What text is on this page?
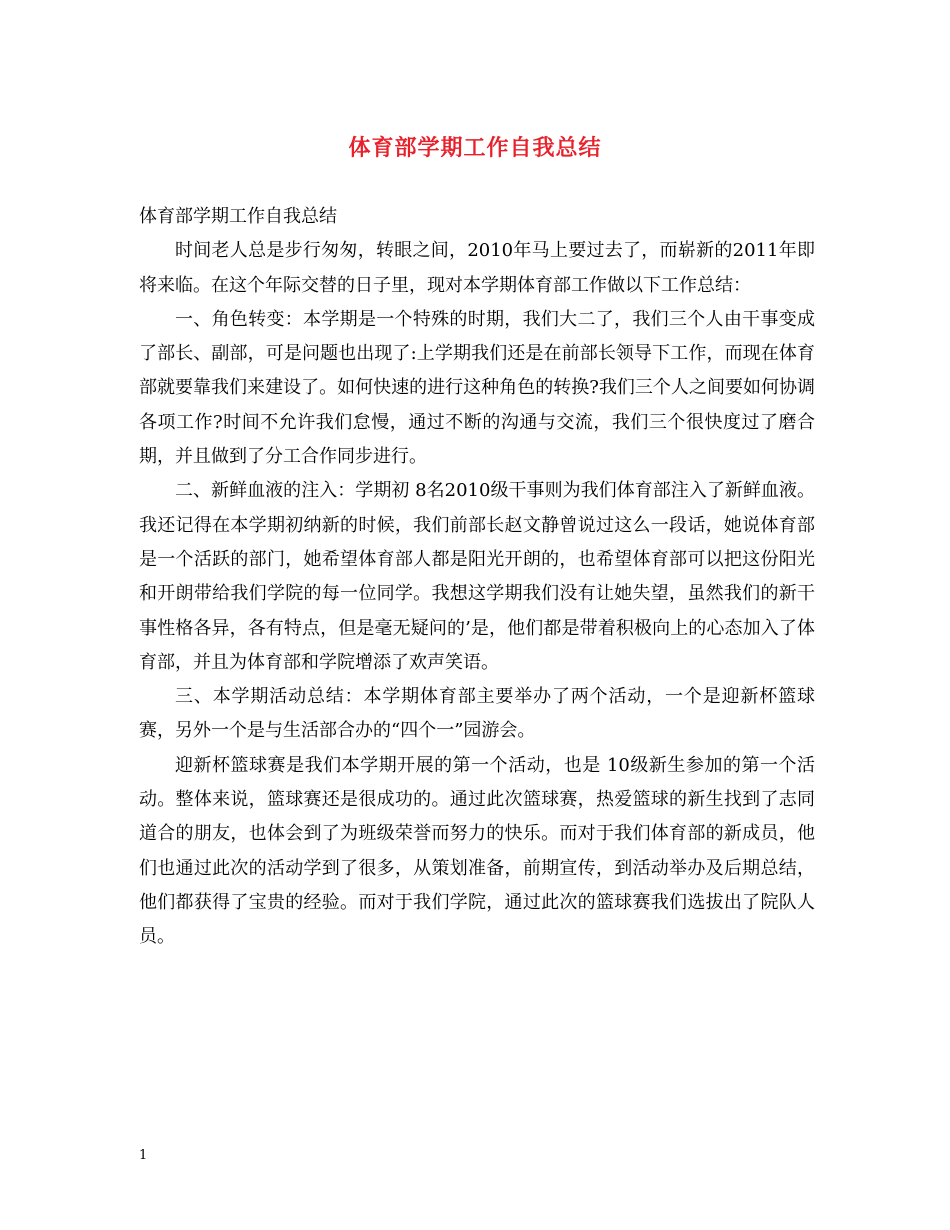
体育部学期工作自我总结

体育部学期工作自我总结

时间老人总是步行匆匆，转眼之间，2010年马上要过去了，而崭新的2011年即将来临。在这个年际交替的日子里，现对本学期体育部工作做以下工作总结：

一、角色转变：本学期是一个特殊的时期，我们大二了，我们三个人由干事变成了部长、副部，可是问题也出现了:上学期我们还是在前部长领导下工作，而现在体育部就要靠我们来建设了。如何快速的进行这种角色的转换?我们三个人之间要如何协调各项工作?时间不允许我们怠慢，通过不断的沟通与交流，我们三个很快度过了磨合期，并且做到了分工合作同步进行。

二、新鲜血液的注入：学期初 8名2010级干事则为我们体育部注入了新鲜血液。我还记得在本学期初纳新的时候，我们前部长赵文静曾说过这么一段话，她说体育部是一个活跃的部门，她希望体育部人都是阳光开朗的，也希望体育部可以把这份阳光和开朗带给我们学院的每一位同学。我想这学期我们没有让她失望，虽然我们的新干事性格各异，各有特点，但是毫无疑问的’是，他们都是带着积极向上的心态加入了体育部，并且为体育部和学院增添了欢声笑语。

三、本学期活动总结：本学期体育部主要举办了两个活动，一个是迎新杯篮球赛，另外一个是与生活部合办的“四个一”园游会。

迎新杯篮球赛是我们本学期开展的第一个活动，也是 10级新生参加的第一个活动。整体来说，篮球赛还是很成功的。通过此次篮球赛，热爱篮球的新生找到了志同道合的朋友，也体会到了为班级荣誉而努力的快乐。而对于我们体育部的新成员，他们也通过此次的活动学到了很多，从策划准备，前期宣传，到活动举办及后期总结，他们都获得了宝贵的经验。而对于我们学院，通过此次的篮球赛我们选拔出了院队人员。

1
